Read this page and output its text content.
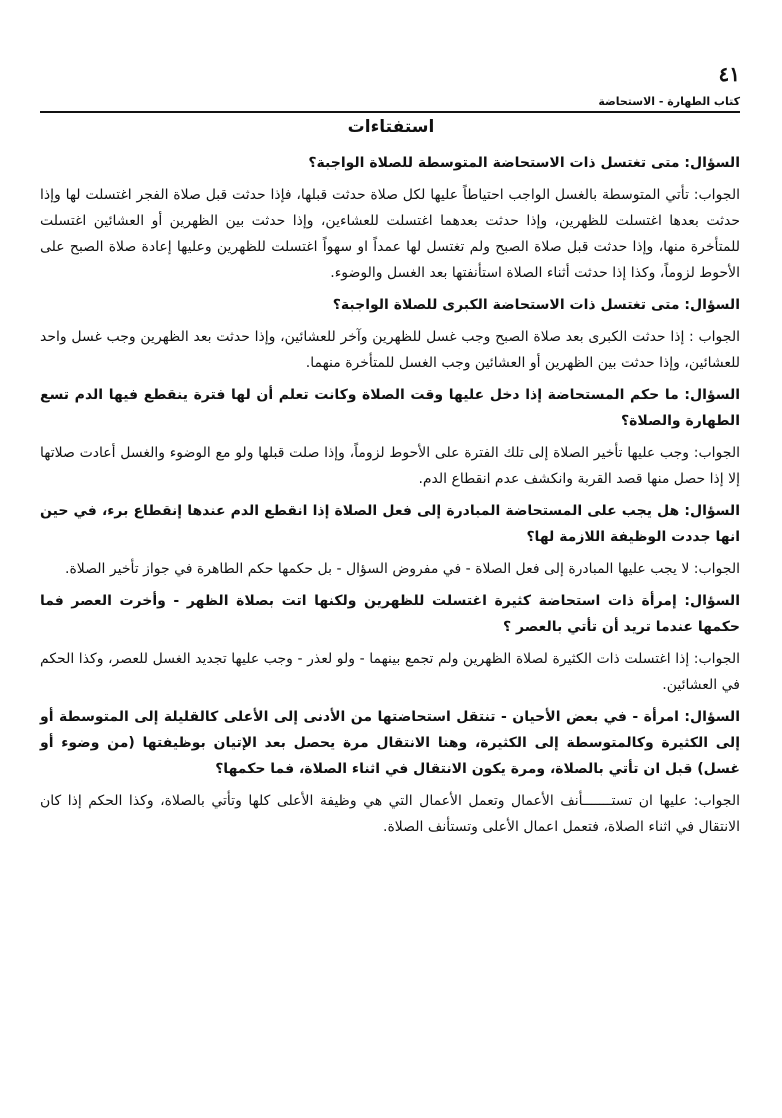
٤١
كتاب الطهارة - الاستحاضة
استفتاءات

السؤال: متى تغتسل ذات الاستحاضة المتوسطة للصلاة الواجبة؟

الجواب: تأتي المتوسطة بالغسل الواجب احتياطاً عليها لكل صلاة حدثت قبلها، فإذا حدثت قبل صلاة الفجر اغتسلت لها وإذا حدثت بعدها اغتسلت للظهرين، وإذا حدثت بعدهما اغتسلت للعشاءين، وإذا حدثت بين الظهرين أو العشائين اغتسلت للمتأخرة منها، وإذا حدثت قبل صلاة الصبح ولم تغتسل لها عمداً او سهواً اغتسلت للظهرين وعليها إعادة صلاة الصبح على الأحوط لزوماً، وكذا إذا حدثت أثناء الصلاة استأنفتها بعد الغسل والوضوء.

السؤال: متى تغتسل ذات الاستحاضة الكبرى للصلاة الواجبة؟

الجواب : إذا حدثت الكبرى بعد صلاة الصبح وجب غسل للظهرين وآخر للعشائين، وإذا حدثت بعد الظهرين وجب غسل واحد للعشائين، وإذا حدثت بين الظهرين أو العشائين وجب الغسل للمتأخرة منهما.

السؤال: ما حكم المستحاضة إذا دخل عليها وقت الصلاة وكانت تعلم أن لها فترة ينقطع فيها الدم تسع الطهارة والصلاة؟

الجواب: وجب عليها تأخير الصلاة إلى تلك الفترة على الأحوط لزوماً، وإذا صلت قبلها ولو مع الوضوء والغسل أعادت صلاتها إلا إذا حصل منها قصد القربة وانكشف عدم انقطاع الدم.

السؤال: هل يجب على المستحاضة المبادرة إلى فعل الصلاة إذا انقطع الدم عندها إنقطاع برء، في حين انها جددت الوظيفة اللازمة لها؟

الجواب: لا يجب عليها المبادرة إلى فعل الصلاة - في مفروض السؤال - بل حكمها حكم الطاهرة في جواز تأخير الصلاة.

السؤال: إمرأة ذات استحاضة كثيرة اغتسلت للظهرين ولكنها اتت بصلاة الظهر - وأخرت العصر فما حكمها عندما تريد أن تأتي بالعصر ؟

الجواب: إذا اغتسلت ذات الكثيرة لصلاة الظهرين ولم تجمع بينهما - ولو لعذر - وجب عليها تجديد الغسل للعصر، وكذا الحكم في العشائين.

السؤال: امرأة - في بعض الأحيان - تنتقل استحاضتها من الأدنى إلى الأعلى كالقليلة إلى المتوسطة أو إلى الكثيرة وكالمتوسطة إلى الكثيرة، وهنا الانتقال مرة يحصل بعد الإتيان بوظيفتها (من وضوء أو غسل) قبل ان تأتي بالصلاة، ومرة يكون الانتقال في اثناء الصلاة، فما حكمها؟

الجواب: عليها ان تستـــــــأنف الأعمال وتعمل الأعمال التي هي وظيفة الأعلى كلها وتأتي بالصلاة، وكذا الحكم إذا كان الانتقال في اثناء الصلاة، فتعمل اعمال الأعلى وتستأنف الصلاة.
